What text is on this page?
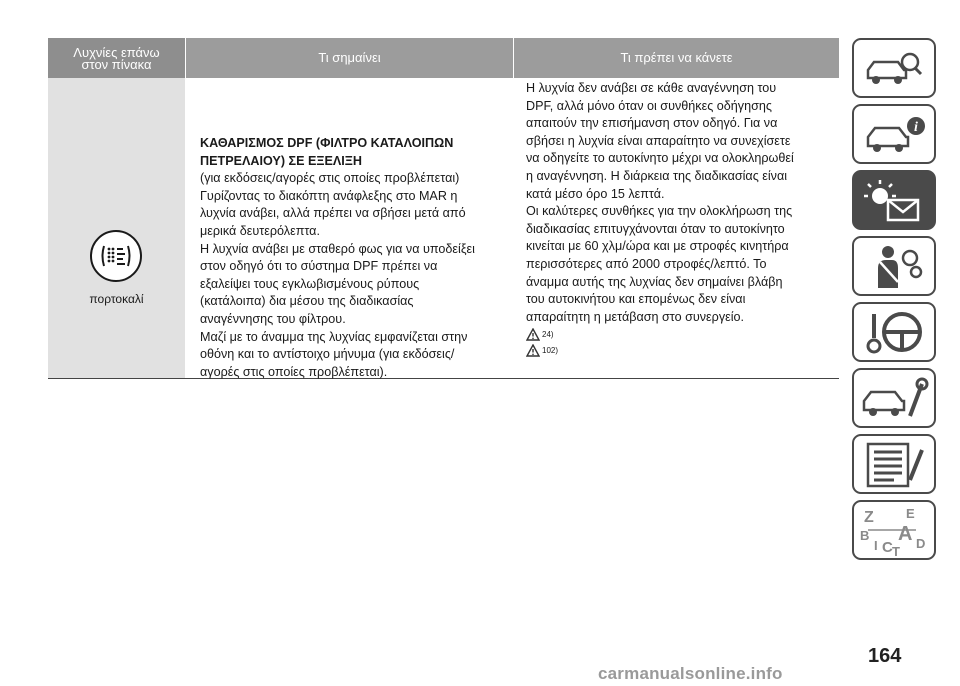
Λυχνίες επάνω
στον πίνακα	Τι σημαίνει	Τι πρέπει να κάνετε
πορτοκαλί
ΚΑΘΑΡΙΣΜΟΣ DPF (ΦΙΛΤΡΟ ΚΑΤΑΛΟΙΠΩΝ
ΠΕΤΡΕΛΑΙΟΥ) ΣΕ ΕΞΕΛΙΞΗ
(για εκδόσεις/αγορές στις οποίες προβλέπεται)
Γυρίζοντας το διακόπτη ανάφλεξης στο MAR η
λυχνία ανάβει, αλλά πρέπει να σβήσει μετά από
μερικά δευτερόλεπτα.
Η λυχνία ανάβει με σταθερό φως για να υποδείξει
στον οδηγό ότι το σύστημα DPF πρέπει να
εξαλείψει τους εγκλωβισμένους ρύπους
(κατάλοιπα) δια μέσου της διαδικασίας
αναγέννησης του φίλτρου.
Μαζί με το άναμμα της λυχνίας εμφανίζεται στην
οθόνη και το αντίστοιχο μήνυμα (για εκδόσεις/
αγορές στις οποίες προβλέπεται).
Η λυχνία δεν ανάβει σε κάθε αναγέννηση του
DPF, αλλά μόνο όταν οι συνθήκες οδήγησης
απαιτούν την επισήμανση στον οδηγό. Για να
σβήσει η λυχνία είναι απαραίτητο να συνεχίσετε
να οδηγείτε το αυτοκίνητο μέχρι να ολοκληρωθεί
η αναγέννηση. Η διάρκεια της διαδικασίας είναι
κατά μέσο όρο 15 λεπτά.
Οι καλύτερες συνθήκες για την ολοκλήρωση της
διαδικασίας επιτυγχάνονται όταν το αυτοκίνητο
κινείται με 60 χλμ/ώρα και με στροφές κινητήρα
περισσότερες από 2000 στροφές/λεπτό. Το
άναμμα αυτής της λυχνίας δεν σημαίνει βλάβη
του αυτοκινήτου και επομένως δεν είναι
απαραίτητη η μετάβαση στο συνεργείο.
24)
102)
i
Z E
B A
I C D
T
164
carmanualsonline.info
